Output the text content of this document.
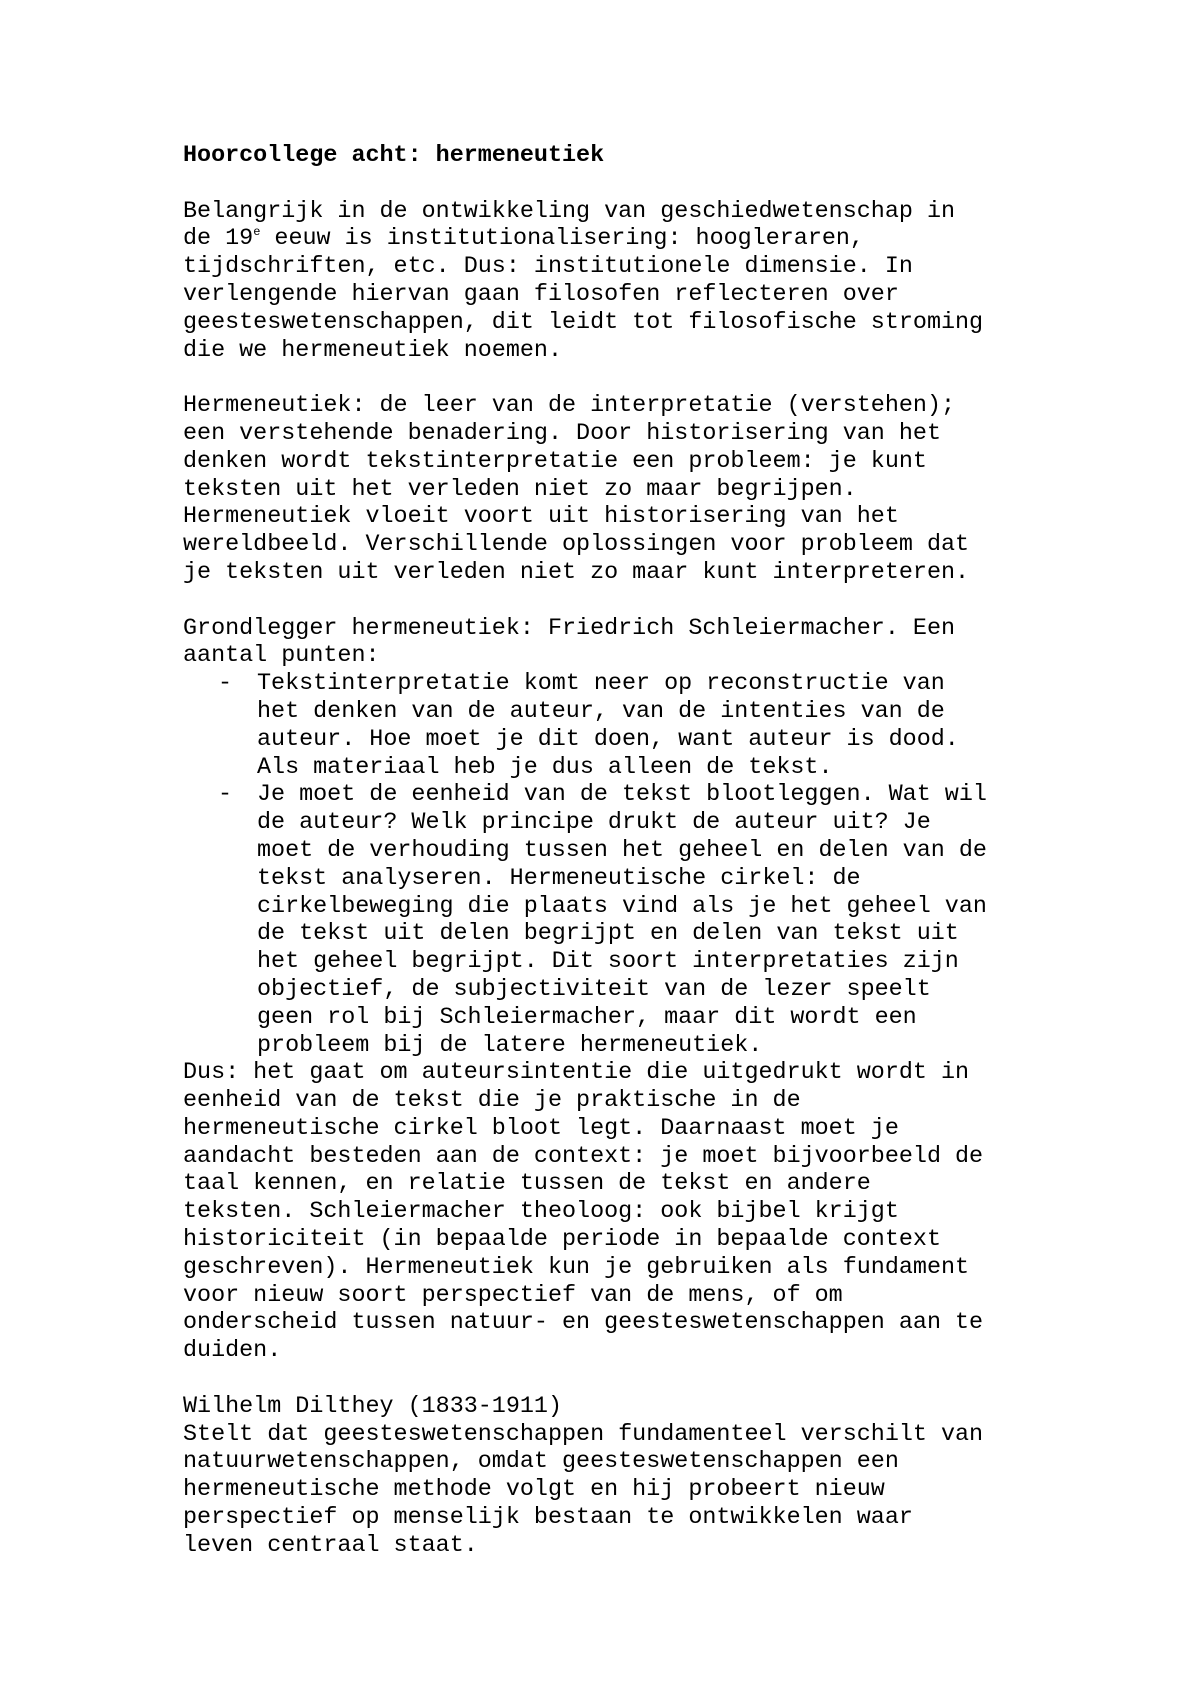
Hoorcollege acht: hermeneutiek
Belangrijk in de ontwikkeling van geschiedwetenschap in
de 19e eeuw is institutionalisering: hoogleraren,
tijdschriften, etc. Dus: institutionele dimensie. In
verlengende hiervan gaan filosofen reflecteren over
geesteswetenschappen, dit leidt tot filosofische stroming
die we hermeneutiek noemen.
Hermeneutiek: de leer van de interpretatie (verstehen);
een verstehende benadering. Door historisering van het
denken wordt tekstinterpretatie een probleem: je kunt
teksten uit het verleden niet zo maar begrijpen.
Hermeneutiek vloeit voort uit historisering van het
wereldbeeld. Verschillende oplossingen voor probleem dat
je teksten uit verleden niet zo maar kunt interpreteren.
Grondlegger hermeneutiek: Friedrich Schleiermacher. Een
aantal punten:
- Tekstinterpretatie komt neer op reconstructie van
het denken van de auteur, van de intenties van de
auteur. Hoe moet je dit doen, want auteur is dood.
Als materiaal heb je dus alleen de tekst.
- Je moet de eenheid van de tekst blootleggen. Wat wil
de auteur? Welk principe drukt de auteur uit? Je
moet de verhouding tussen het geheel en delen van de
tekst analyseren. Hermeneutische cirkel: de
cirkelbeweging die plaats vind als je het geheel van
de tekst uit delen begrijpt en delen van tekst uit
het geheel begrijpt. Dit soort interpretaties zijn
objectief, de subjectiviteit van de lezer speelt
geen rol bij Schleiermacher, maar dit wordt een
probleem bij de latere hermeneutiek.
Dus: het gaat om auteursintentie die uitgedrukt wordt in
eenheid van de tekst die je praktische in de
hermeneutische cirkel bloot legt. Daarnaast moet je
aandacht besteden aan de context: je moet bijvoorbeeld de
taal kennen, en relatie tussen de tekst en andere
teksten. Schleiermacher theoloog: ook bijbel krijgt
historiciteit (in bepaalde periode in bepaalde context
geschreven). Hermeneutiek kun je gebruiken als fundament
voor nieuw soort perspectief van de mens, of om
onderscheid tussen natuur- en geesteswetenschappen aan te
duiden.
Wilhelm Dilthey (1833-1911)
Stelt dat geesteswetenschappen fundamenteel verschilt van
natuurwetenschappen, omdat geesteswetenschappen een
hermeneutische methode volgt en hij probeert nieuw
perspectief op menselijk bestaan te ontwikkelen waar
leven centraal staat.
